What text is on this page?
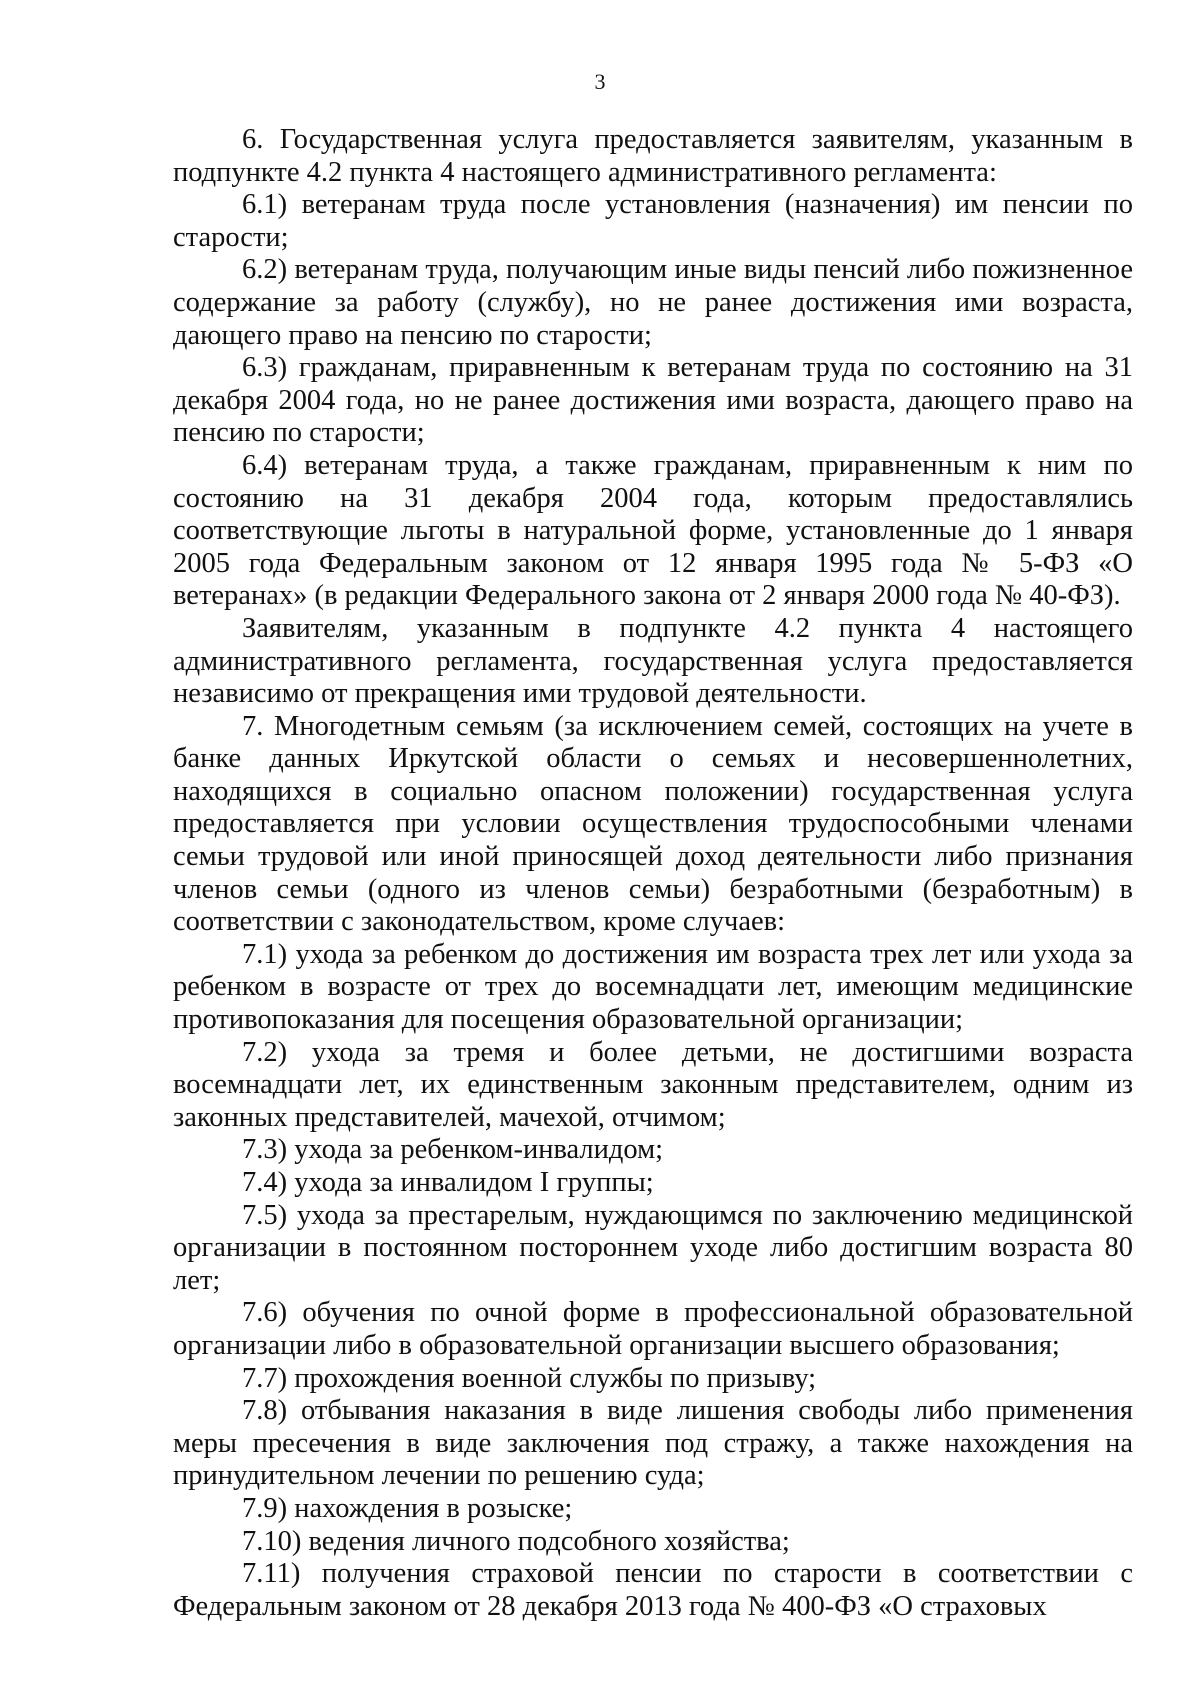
3

6. Государственная услуга предоставляется заявителям, указанным в подпункте 4.2 пункта 4 настоящего административного регламента:

6.1) ветеранам труда после установления (назначения) им пенсии по старости;

6.2) ветеранам труда, получающим иные виды пенсий либо пожизненное содержание за работу (службу), но не ранее достижения ими возраста, дающего право на пенсию по старости;

6.3) гражданам, приравненным к ветеранам труда по состоянию на 31 декабря 2004 года, но не ранее достижения ими возраста, дающего право на пенсию по старости;

6.4) ветеранам труда, а также гражданам, приравненным к ним по состоянию на 31 декабря 2004 года, которым предоставлялись соответствующие льготы в натуральной форме, установленные до 1 января 2005 года Федеральным законом от 12 января 1995 года № 5-ФЗ «О ветеранах» (в редакции Федерального закона от 2 января 2000 года № 40-ФЗ).

Заявителям, указанным в подпункте 4.2 пункта 4 настоящего административного регламента, государственная услуга предоставляется независимо от прекращения ими трудовой деятельности.

7. Многодетным семьям (за исключением семей, состоящих на учете в банке данных Иркутской области о семьях и несовершеннолетних, находящихся в социально опасном положении) государственная услуга предоставляется при условии осуществления трудоспособными членами семьи трудовой или иной приносящей доход деятельности либо признания членов семьи (одного из членов семьи) безработными (безработным) в соответствии с законодательством, кроме случаев:

7.1) ухода за ребенком до достижения им возраста трех лет или ухода за ребенком в возрасте от трех до восемнадцати лет, имеющим медицинские противопоказания для посещения образовательной организации;

7.2) ухода за тремя и более детьми, не достигшими возраста восемнадцати лет, их единственным законным представителем, одним из законных представителей, мачехой, отчимом;

7.3) ухода за ребенком-инвалидом;

7.4) ухода за инвалидом I группы;

7.5) ухода за престарелым, нуждающимся по заключению медицинской организации в постоянном постороннем уходе либо достигшим возраста 80 лет;

7.6) обучения по очной форме в профессиональной образовательной организации либо в образовательной организации высшего образования;

7.7) прохождения военной службы по призыву;

7.8) отбывания наказания в виде лишения свободы либо применения меры пресечения в виде заключения под стражу, а также нахождения на принудительном лечении по решению суда;

7.9) нахождения в розыске;

7.10) ведения личного подсобного хозяйства;

7.11) получения страховой пенсии по старости в соответствии с Федеральным законом от 28 декабря 2013 года № 400-ФЗ «О страховых
